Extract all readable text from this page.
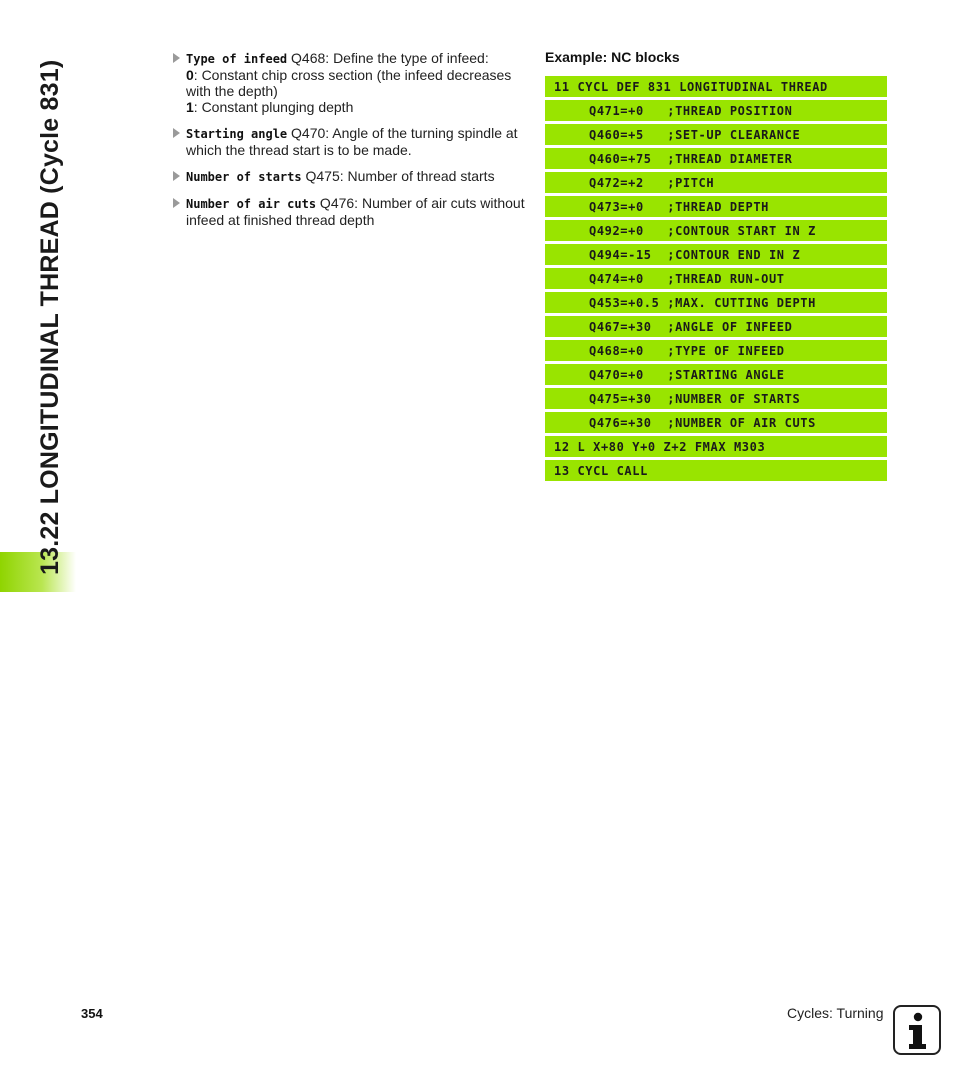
13.22 LONGITUDINAL THREAD (Cycle 831)
Type of infeed Q468: Define the type of infeed:
0: Constant chip cross section (the infeed decreases with the depth)
1: Constant plunging depth
Starting angle Q470: Angle of the turning spindle at which the thread start is to be made.
Number of starts Q475: Number of thread starts
Number of air cuts Q476: Number of air cuts without infeed at finished thread depth
Example: NC blocks
11 CYCL DEF 831 LONGITUDINAL THREAD
Q471=+0   ;THREAD POSITION
Q460=+5   ;SET-UP CLEARANCE
Q460=+75  ;THREAD DIAMETER
Q472=+2   ;PITCH
Q473=+0   ;THREAD DEPTH
Q492=+0   ;CONTOUR START IN Z
Q494=-15  ;CONTOUR END IN Z
Q474=+0   ;THREAD RUN-OUT
Q453=+0.5 ;MAX. CUTTING DEPTH
Q467=+30  ;ANGLE OF INFEED
Q468=+0   ;TYPE OF INFEED
Q470=+0   ;STARTING ANGLE
Q475=+30  ;NUMBER OF STARTS
Q476=+30  ;NUMBER OF AIR CUTS
12 L X+80 Y+0 Z+2 FMAX M303
13 CYCL CALL
354	Cycles: Turning
